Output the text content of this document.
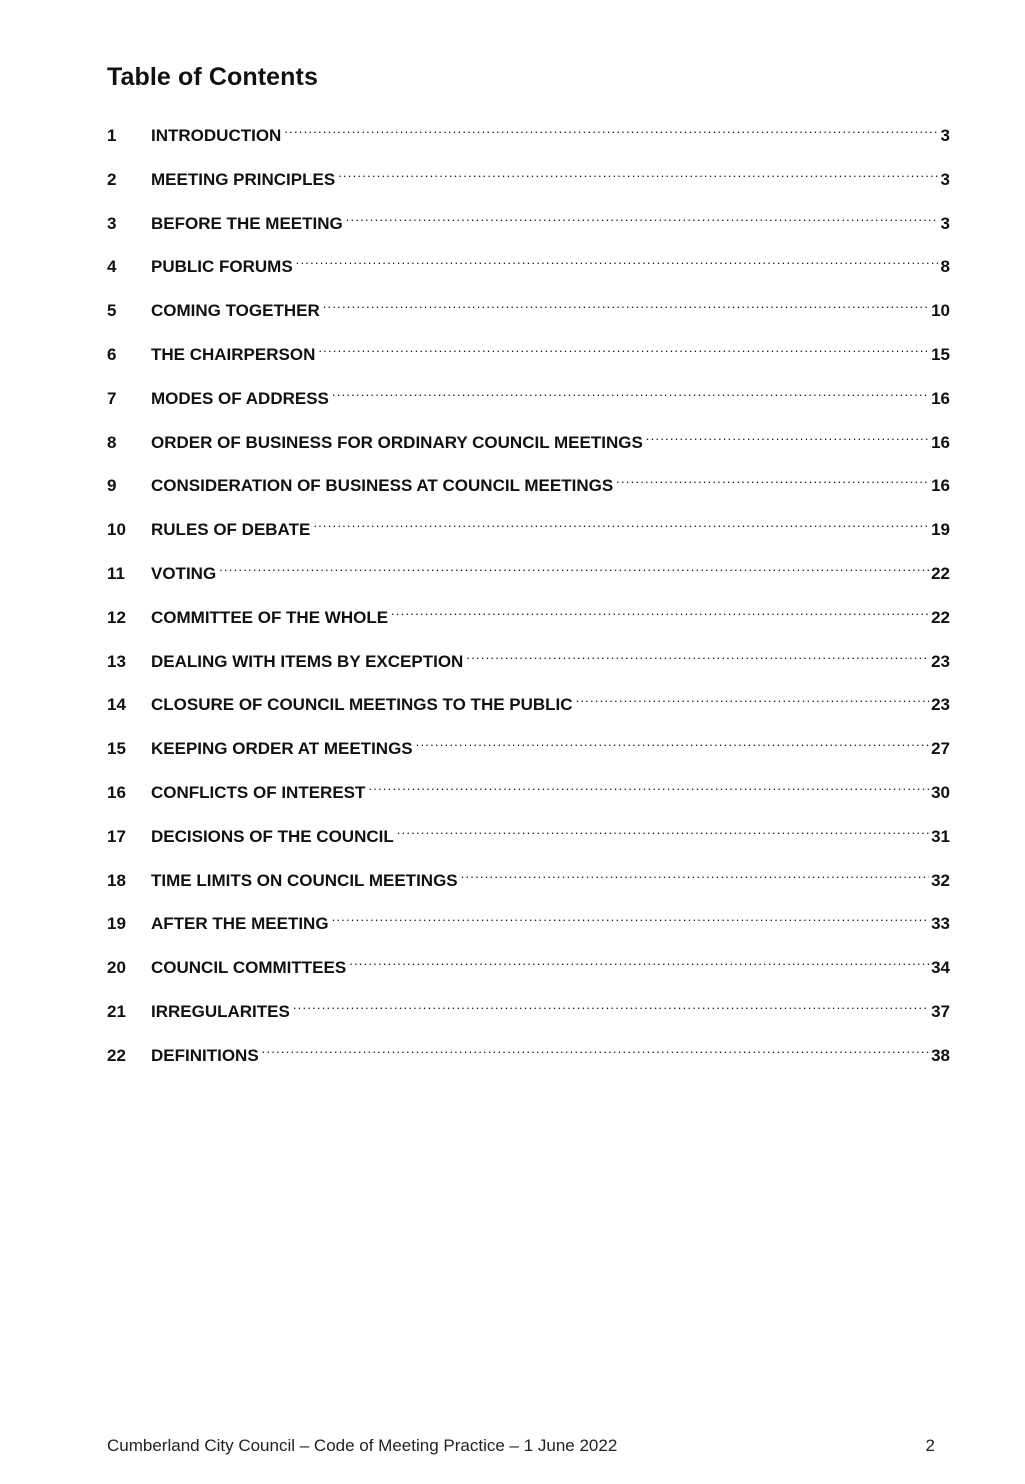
Table of Contents
1	INTRODUCTION .....	3
2	MEETING PRINCIPLES .....	3
3	BEFORE THE MEETING .....	3
4	PUBLIC FORUMS .....	8
5	COMING TOGETHER .....	10
6	THE CHAIRPERSON .....	15
7	MODES OF ADDRESS .....	16
8	ORDER OF BUSINESS FOR ORDINARY COUNCIL MEETINGS .....	16
9	CONSIDERATION OF BUSINESS AT COUNCIL MEETINGS .....	16
10	RULES OF DEBATE .....	19
11	VOTING .....	22
12	COMMITTEE OF THE WHOLE .....	22
13	DEALING WITH ITEMS BY EXCEPTION .....	23
14	CLOSURE OF COUNCIL MEETINGS TO THE PUBLIC .....	23
15	KEEPING ORDER AT MEETINGS .....	27
16	CONFLICTS OF INTEREST .....	30
17	DECISIONS OF THE COUNCIL .....	31
18	TIME LIMITS ON COUNCIL MEETINGS .....	32
19	AFTER THE MEETING .....	33
20	COUNCIL COMMITTEES .....	34
21	IRREGULARITES .....	37
22	DEFINITIONS .....	38
Cumberland City Council – Code of Meeting Practice – 1 June 2022	2
